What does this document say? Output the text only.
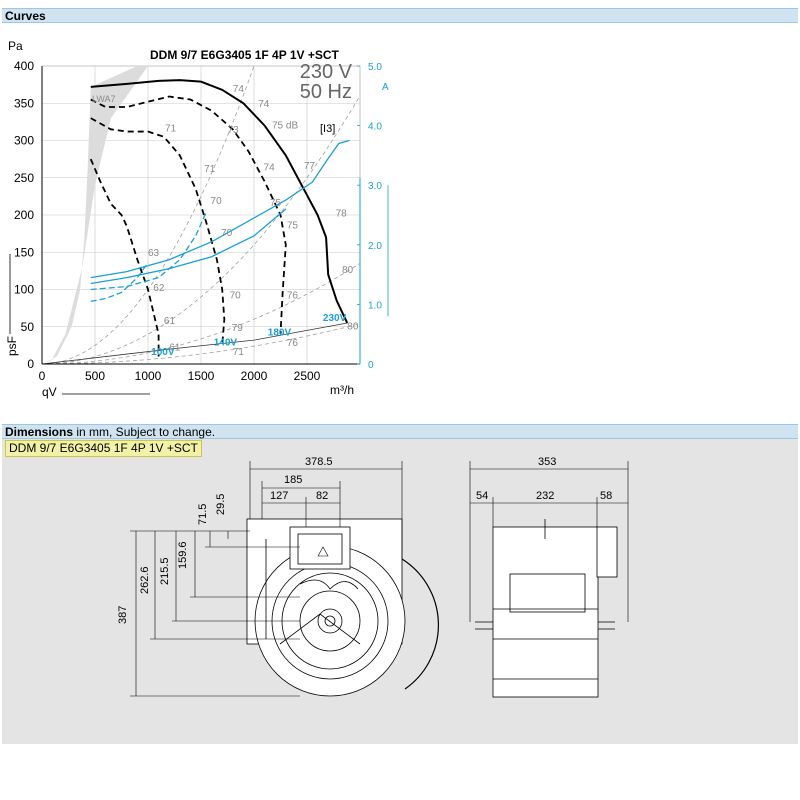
Curves
0
50
100
150
200
250
300
350
400
0	500 1000 1500 2000 2500
0
1.0
2.0
3.0
4.0
5.0
Pa
A
m³/h
qV
psF
DDM 9/7 E6G3405 1F 4P 1V +SCT
230 V
50 Hz
[I3]
LWA7
75 dB
74
74
71	73
71	74	77
70	75
78
70
75
63
80
62
70	76
61
79	80
61	71
76
100V
140V
180V
230V
Dimensions in mm, Subject to change.
DDM 9/7 E6G3405 1F 4P 1V +SCT
378.5
185
127	82
387
262.6 215.5
159.6
71.5 29.5
353
54	232	58
